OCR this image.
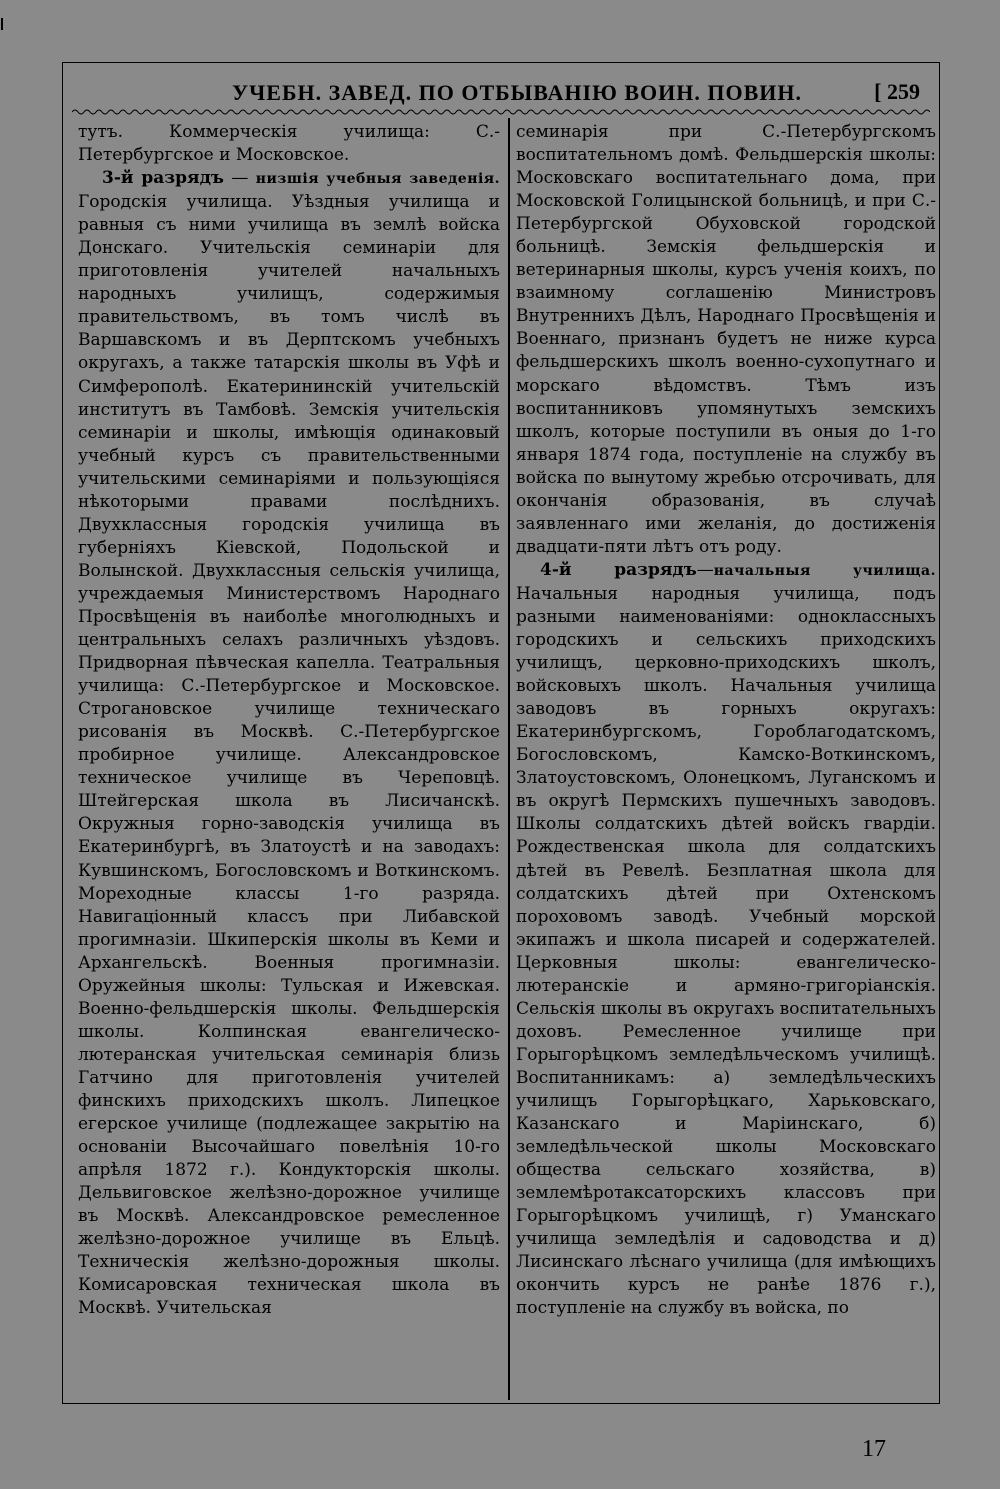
УЧЕБН. ЗАВЕД. ПО ОТБЫВАНІЮ ВОИН. ПОВИН.	[ 259

тутъ. Коммерческія училища: С.-Петербургское и Московское.

3-й разрядъ — низшія учебныя заведенія. Городскія училища. Уѣздныя училища и равныя съ ними училища въ землѣ войска Донскаго. Учительскія семинаріи для приготовленія учителей начальныхъ народныхъ училищъ, содержимыя правительствомъ, въ томъ числѣ въ Варшавскомъ и въ Дерптскомъ учебныхъ округахъ, а также татарскія школы въ Уфѣ и Симферополѣ. Екатерининскій учительскій институтъ въ Тамбовѣ. Земскія учительскія семинаріи и школы, имѣющія одинаковый учебный курсъ съ правительственными учительскими семинаріями и пользующіяся нѣкоторыми правами послѣднихъ. Двухклассныя городскія училища въ губерніяхъ Кіевской, Подольской и Волынской. Двухклассныя сельскія училища, учреждаемыя Министерствомъ Народнаго Просвѣщенія въ наиболѣе многолюдныхъ и центральныхъ селахъ различныхъ уѣздовъ. Придворная пѣвческая капелла. Театральныя училища: С.-Петербургское и Московское. Строгановское училище техническаго рисованія въ Москвѣ. С.-Петербургское пробирное училище. Александровское техническое училище въ Череповцѣ. Штейгерская школа въ Лисичанскѣ. Окружныя горно-заводскія училища въ Екатеринбургѣ, въ Златоустѣ и на заводахъ: Кувшинскомъ, Богословскомъ и Воткинскомъ. Мореходные классы 1-го разряда. Навигаціонный классъ при Либавской прогимназіи. Шкиперскія школы въ Кеми и Архангельскѣ. Военныя прогимназіи. Оружейныя школы: Тульская и Ижевская. Военно-фельдшерскія школы. Фельдшерскія школы. Колпинская евангелическо-лютеранская учительская семинарія близь Гатчино для приготовленія учителей финскихъ приходскихъ школъ. Липецкое егерское училище (подлежащее закрытію на основаніи Высочайшаго повелѣнія 10-го апрѣля 1872 г.). Кондукторскія школы. Дельвиговское желѣзно-дорожное училище въ Москвѣ. Александровское ремесленное желѣзно-дорожное училище въ Ельцѣ. Техническія желѣзно-дорожныя школы. Комисаровская техническая школа въ Москвѣ. Учительская

семинарія при С.-Петербургскомъ воспитательномъ домѣ. Фельдшерскія школы: Московскаго воспитательнаго дома, при Московской Голицынской больницѣ, и при С.-Петербургской Обуховской городской больницѣ. Земскія фельдшерскія и ветеринарныя школы, курсъ ученія коихъ, по взаимному соглашенію Министровъ Внутреннихъ Дѣлъ, Народнаго Просвѣщенія и Военнаго, признанъ будетъ не ниже курса фельдшерскихъ школъ военно-сухопутнаго и морскаго вѣдомствъ. Тѣмъ изъ воспитанниковъ упомянутыхъ земскихъ школъ, которые поступили въ оныя до 1-го января 1874 года, поступленіе на службу въ войска по вынутому жребью отсрочивать, для окончанія образованія, въ случаѣ заявленнаго ими желанія, до достиженія двадцати-пяти лѣтъ отъ роду.

4-й разрядъ—начальныя училища. Начальныя народныя училища, подъ разными наименованіями: одноклассныхъ городскихъ и сельскихъ приходскихъ училищъ, церковно-приходскихъ школъ, войсковыхъ школъ. Начальныя училища заводовъ въ горныхъ округахъ: Екатеринбургскомъ, Гороблагодатскомъ, Богословскомъ, Камско-Воткинскомъ, Златоустовскомъ, Олонецкомъ, Луганскомъ и въ округѣ Пермскихъ пушечныхъ заводовъ. Школы солдатскихъ дѣтей войскъ гвардіи. Рождественская школа для солдатскихъ дѣтей въ Ревелѣ. Безплатная школа для солдатскихъ дѣтей при Охтенскомъ пороховомъ заводѣ. Учебный морской экипажъ и школа писарей и содержателей. Церковныя школы: евангелическо-лютеранскіе и армяно-григоріанскія. Сельскія школы въ округахъ воспитательныхъ доховъ. Ремесленное училище при Горыгорѣцкомъ земледѣльческомъ училищѣ. Воспитанникамъ: а) земледѣльческихъ училищъ Горыгорѣцкаго, Харьковскаго, Казанскаго и Маріинскаго, б) земледѣльческой школы Московскаго общества сельскаго хозяйства, в) землемѣротаксаторскихъ классовъ при Горыгорѣцкомъ училищѣ, г) Уманскаго училища земледѣлія и садоводства и д) Лисинскаго лѣснаго училища (для имѣющихъ окончить курсъ не ранѣе 1876 г.), поступленіе на службу въ войска, по

17
